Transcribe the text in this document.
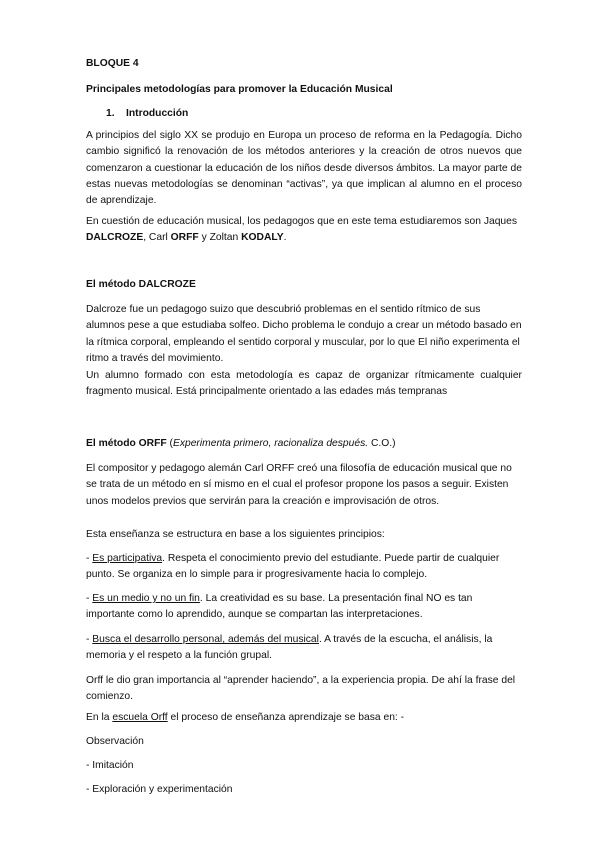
BLOQUE 4
Principales metodologías para promover la Educación Musical
1. Introducción
A principios del siglo XX se produjo en Europa un proceso de reforma en la Pedagogía. Dicho cambio significó la renovación de los métodos anteriores y la creación de otros nuevos que comenzaron a cuestionar la educación de los niños desde diversos ámbitos. La mayor parte de estas nuevas metodologías se denominan “activas”, ya que implican al alumno en el proceso de aprendizaje.
En cuestión de educación musical, los pedagogos que en este tema estudiaremos son Jaques DALCROZE, Carl ORFF y Zoltan KODALY.
El método DALCROZE
Dalcroze fue un pedagogo suizo que descubrió problemas en el sentido rítmico de sus alumnos pese a que estudiaba solfeo. Dicho problema le condujo a crear un método basado en la rítmica corporal, empleando el sentido corporal y muscular, por lo que El niño experimenta el ritmo a través del movimiento.
Un alumno formado con esta metodología es capaz de organizar rítmicamente cualquier fragmento musical. Está principalmente orientado a las edades más tempranas
El método ORFF (Experimenta primero, racionaliza después. C.O.)
El compositor y pedagogo alemán Carl ORFF creó una filosofía de educación musical que no se trata de un método en sí mismo en el cual el profesor propone los pasos a seguir. Existen unos modelos previos que servirán para la creación e improvisación de otros.
Esta enseñanza se estructura en base a los siguientes principios:
- Es participativa. Respeta el conocimiento previo del estudiante. Puede partir de cualquier punto. Se organiza en lo simple para ir progresivamente hacia lo complejo.
- Es un medio y no un fin. La creatividad es su base. La presentación final NO es tan importante como lo aprendido, aunque se compartan las interpretaciones.
- Busca el desarrollo personal, además del musical. A través de la escucha, el análisis, la memoria y el respeto a la función grupal.
Orff le dio gran importancia al “aprender haciendo”, a la experiencia propia. De ahí la frase del comienzo.
En la escuela Orff el proceso de enseñanza aprendizaje se basa en: -
Observación
- Imitación
- Exploración y experimentación
